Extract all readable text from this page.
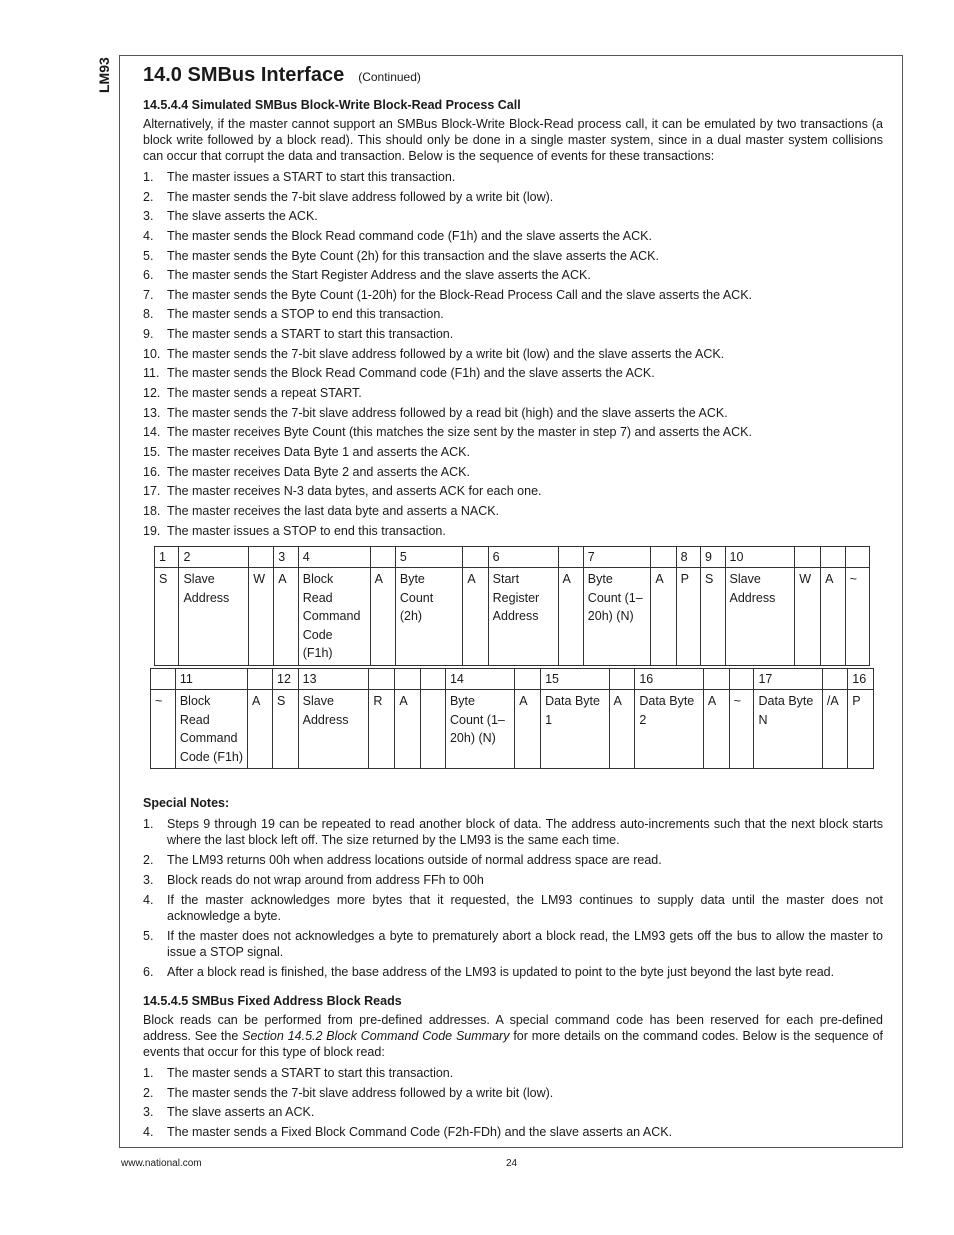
LM93 14.0 SMBus Interface (Continued)
14.5.4.4 Simulated SMBus Block-Write Block-Read Process Call

Alternatively, if the master cannot support an SMBus Block-Write Block-Read process call, it can be emulated by two transactions (a block write followed by a block read). This should only be done in a single master system, since in a dual master system collisions can occur that corrupt the data and transaction. Below is the sequence of events for these transactions:

1.	The master issues a START to start this transaction.
2.	The master sends the 7-bit slave address followed by a write bit (low).
3.	The slave asserts the ACK.
4.	The master sends the Block Read command code (F1h) and the slave asserts the ACK.
5.	The master sends the Byte Count (2h) for this transaction and the slave asserts the ACK.
6.	The master sends the Start Register Address and the slave asserts the ACK.
7.	The master sends the Byte Count (1-20h) for the Block-Read Process Call and the slave asserts the ACK.
8.	The master sends a STOP to end this transaction.
9.	The master sends a START to start this transaction.
10. The master sends the 7-bit slave address followed by a write bit (low) and the slave asserts the ACK.
11. The master sends the Block Read Command code (F1h) and the slave asserts the ACK.
12. The master sends a repeat START.
13. The master sends the 7-bit slave address followed by a read bit (high) and the slave asserts the ACK.
14. The master receives Byte Count (this matches the size sent by the master in step 7) and asserts the ACK.
15. The master receives Data Byte 1 and asserts the ACK.
16. The master receives Data Byte 2 and asserts the ACK.
17. The master receives N-3 data bytes, and asserts ACK for each one.
18. The master receives the last data byte and asserts a NACK.
19. The master issues a STOP to end this transaction.
1	2		3	4		5		6		7		8	9	10			
S	Slave Address	W	A	Block Read Command Code (F1h)	A	Byte Count (2h)	A	Start Register Address	A	Byte Count (1–20h) (N)	A	P	S	Slave Address	W	A	~
	11		12	13				14		15		16			17		16
~	Block Read Command Code (F1h)	A	S	Slave Address	R	A		Byte Count (1–20h) (N)	A	Data Byte 1	A	Data Byte 2	A	~	Data Byte N	/A	P
Special Notes:
1.	Steps 9 through 19 can be repeated to read another block of data. The address auto-increments such that the next block starts where the last block left off. The size returned by the LM93 is the same each time.
2.	The LM93 returns 00h when address locations outside of normal address space are read.
3.	Block reads do not wrap around from address FFh to 00h
4.	If the master acknowledges more bytes that it requested, the LM93 continues to supply data until the master does not acknowledge a byte.
5.	If the master does not acknowledges a byte to prematurely abort a block read, the LM93 gets off the bus to allow the master to issue a STOP signal.
6.	After a block read is finished, the base address of the LM93 is updated to point to the byte just beyond the last byte read.
14.5.4.5 SMBus Fixed Address Block Reads

Block reads can be performed from pre-defined addresses. A special command code has been reserved for each pre-defined address. See the Section 14.5.2 Block Command Code Summary for more details on the command codes. Below is the sequence of events that occur for this type of block read:

1.	The master sends a START to start this transaction.
2.	The master sends the 7-bit slave address followed by a write bit (low).
3.	The slave asserts an ACK.
4.	The master sends a Fixed Block Command Code (F2h-FDh) and the slave asserts an ACK.
www.national.com	24
